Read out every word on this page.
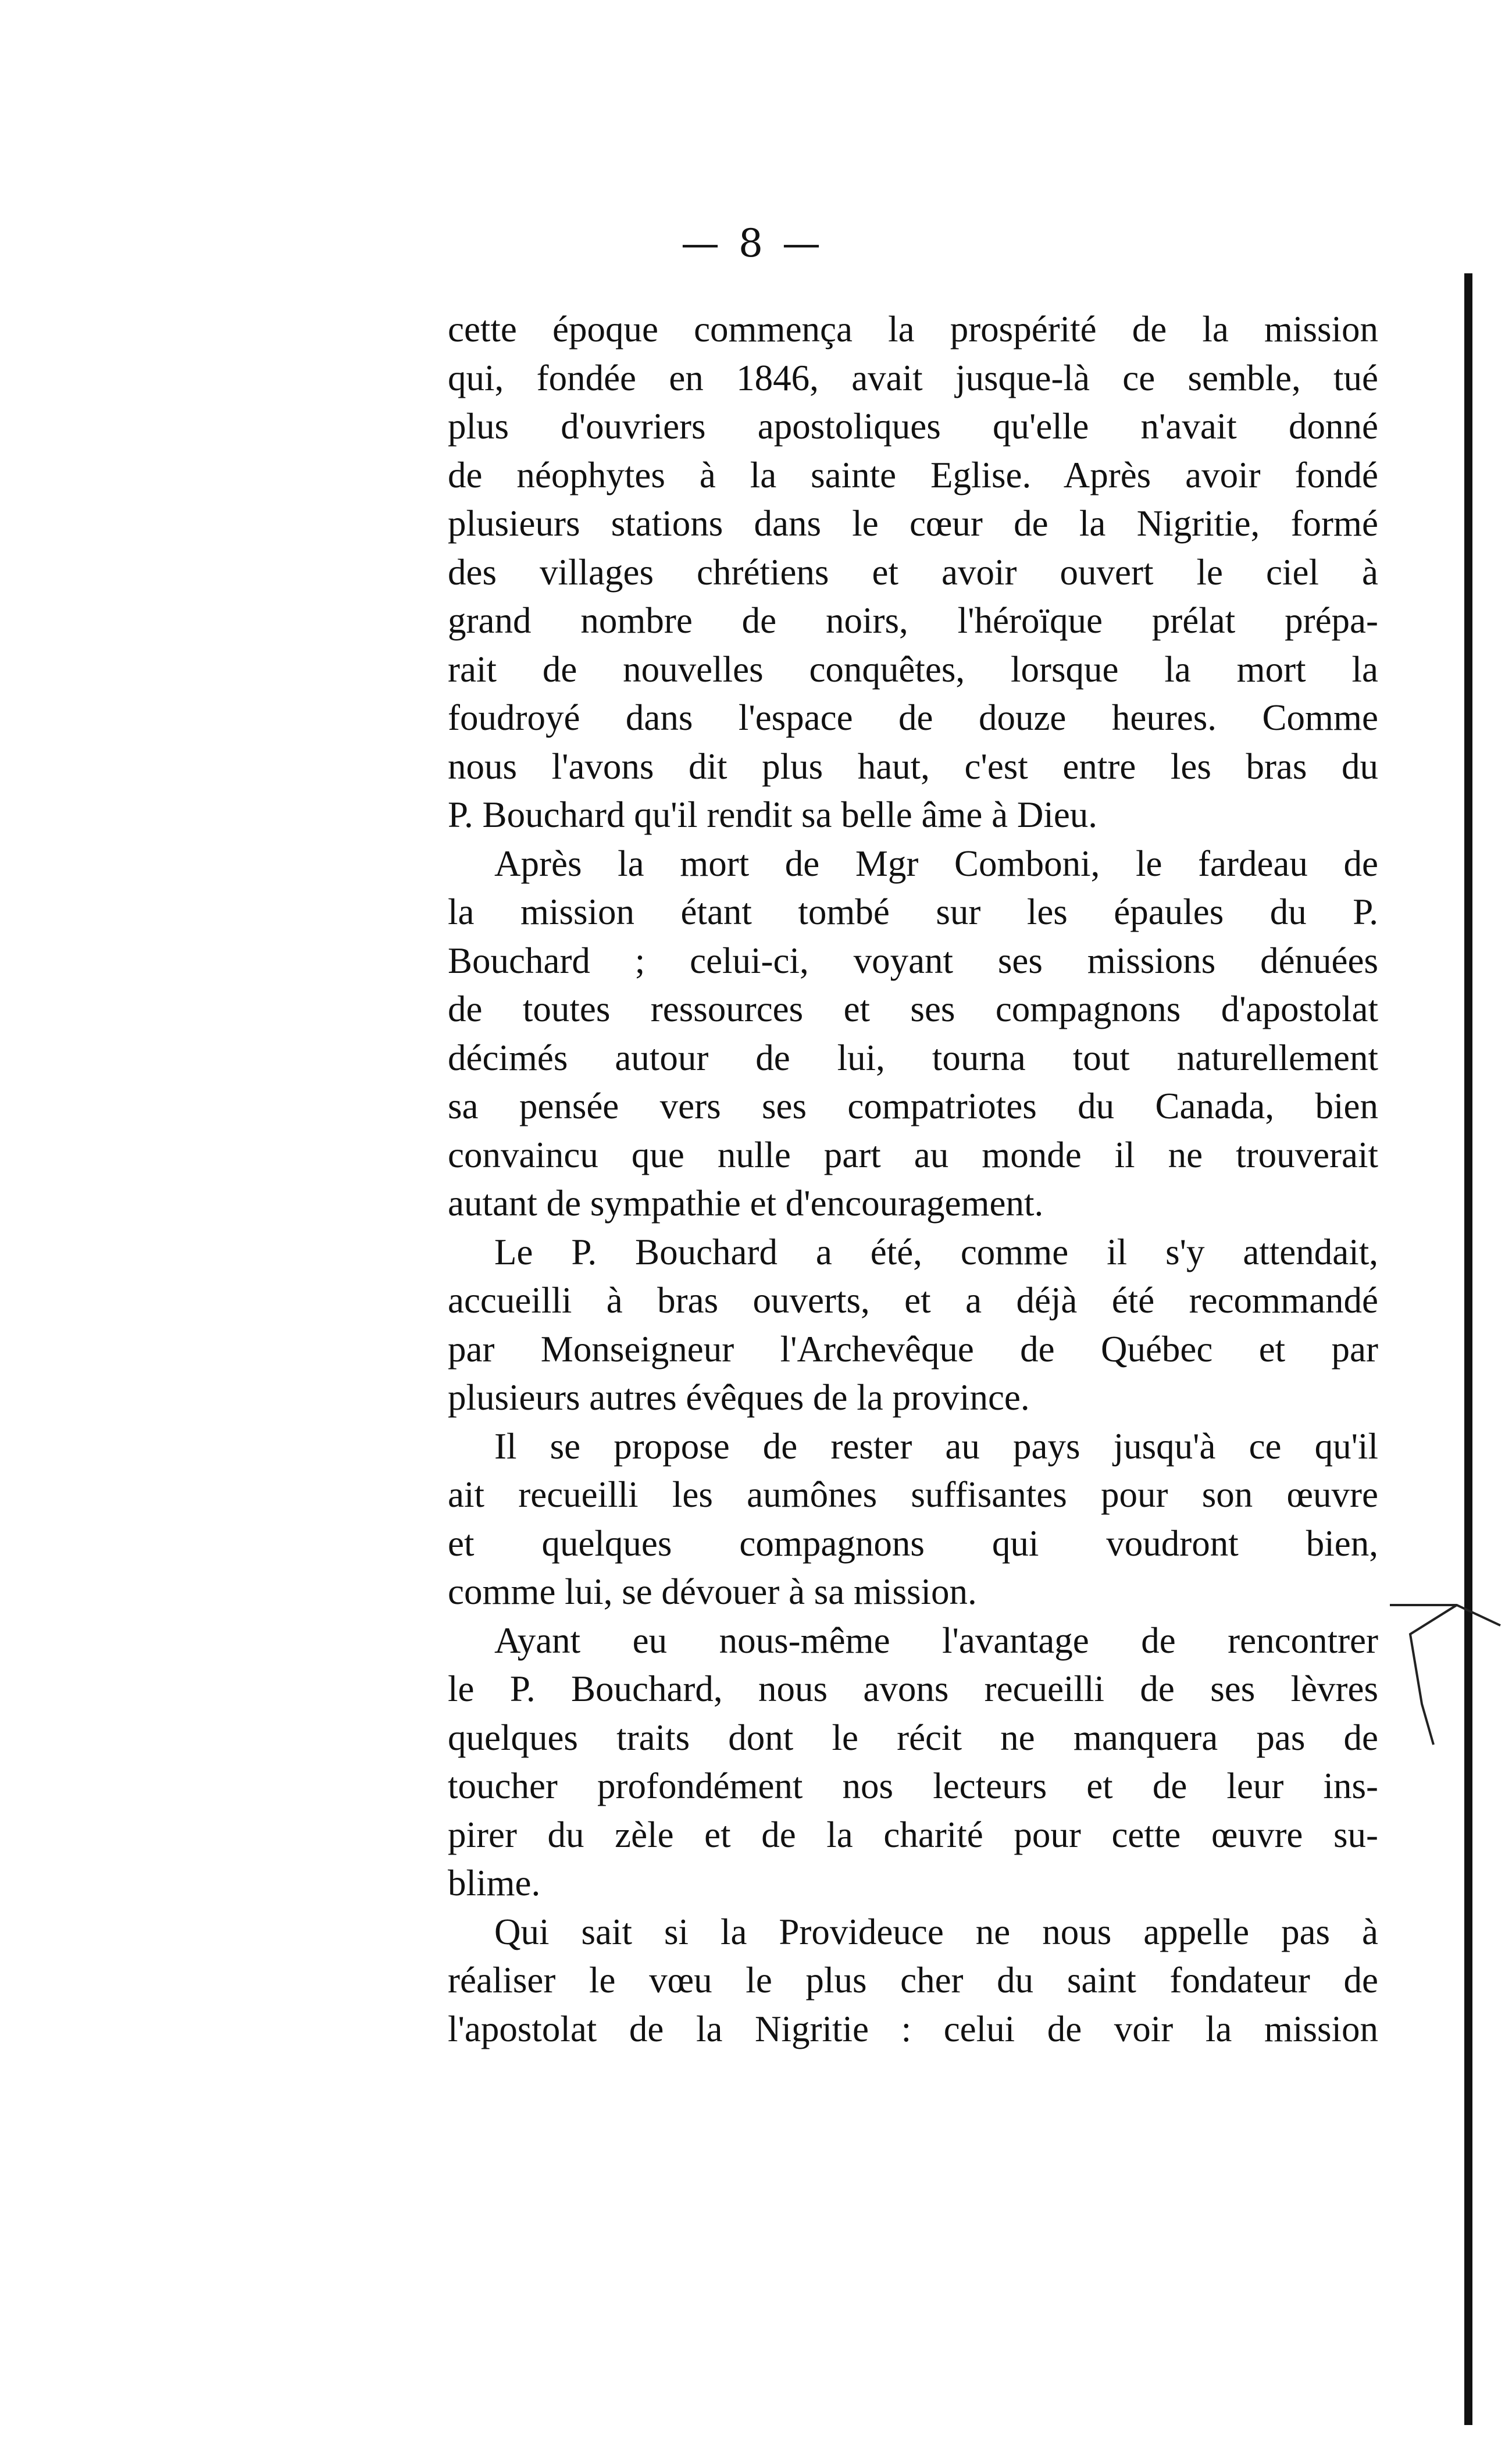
— 8 —
cette époque commença la prospérité de la mission
qui, fondée en 1846, avait jusque-là ce semble, tué
plus d'ouvriers apostoliques qu'elle n'avait donné
de néophytes à la sainte Eglise. Après avoir fondé
plusieurs stations dans le cœur de la Nigritie, formé
des villages chrétiens et avoir ouvert le ciel à
grand nombre de noirs, l'héroïque prélat prépa-
rait de nouvelles conquêtes, lorsque la mort la
foudroyé dans l'espace de douze heures. Comme
nous l'avons dit plus haut, c'est entre les bras du
P. Bouchard qu'il rendit sa belle âme à Dieu.
Après la mort de Mgr Comboni, le fardeau de
la mission étant tombé sur les épaules du P.
Bouchard ; celui-ci, voyant ses missions dénuées
de toutes ressources et ses compagnons d'apostolat
décimés autour de lui, tourna tout naturellement
sa pensée vers ses compatriotes du Canada, bien
convaincu que nulle part au monde il ne trouverait
autant de sympathie et d'encouragement.
Le P. Bouchard a été, comme il s'y attendait,
accueilli à bras ouverts, et a déjà été recommandé
par Monseigneur l'Archevêque de Québec et par
plusieurs autres évêques de la province.
Il se propose de rester au pays jusqu'à ce qu'il
ait recueilli les aumônes suffisantes pour son œuvre
et quelques compagnons qui voudront bien,
comme lui, se dévouer à sa mission.
Ayant eu nous-même l'avantage de rencontrer
le P. Bouchard, nous avons recueilli de ses lèvres
quelques traits dont le récit ne manquera pas de
toucher profondément nos lecteurs et de leur ins-
pirer du zèle et de la charité pour cette œuvre su-
blime.
Qui sait si la Provideuce ne nous appelle pas à
réaliser le vœu le plus cher du saint fondateur de
l'apostolat de la Nigritie : celui de voir la mission
